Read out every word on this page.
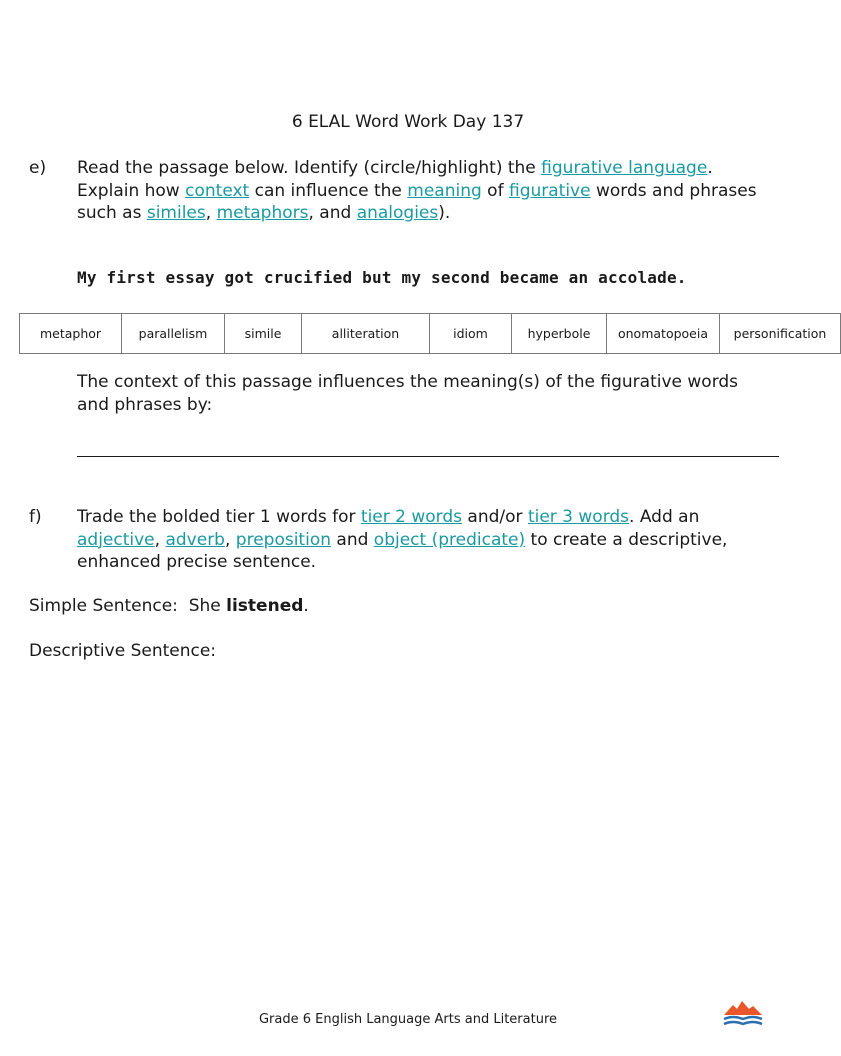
6 ELAL Word Work Day 137
e) Read the passage below. Identify (circle/highlight) the figurative language.
Explain how context can influence the meaning of figurative words and phrases
such as similes, metaphors, and analogies).
My first essay got crucified but my second became an accolade.
metaphor	parallelism	simile	alliteration	idiom	hyperbole	onomatopoeia	personification
The context of this passage influences the meaning(s) of the figurative words
and phrases by:
f) Trade the bolded tier 1 words for tier 2 words and/or tier 3 words. Add an
adjective, adverb, preposition and object (predicate) to create a descriptive,
enhanced precise sentence.
Simple Sentence:  She listened.
Descriptive Sentence:
Grade 6 English Language Arts and Literature
